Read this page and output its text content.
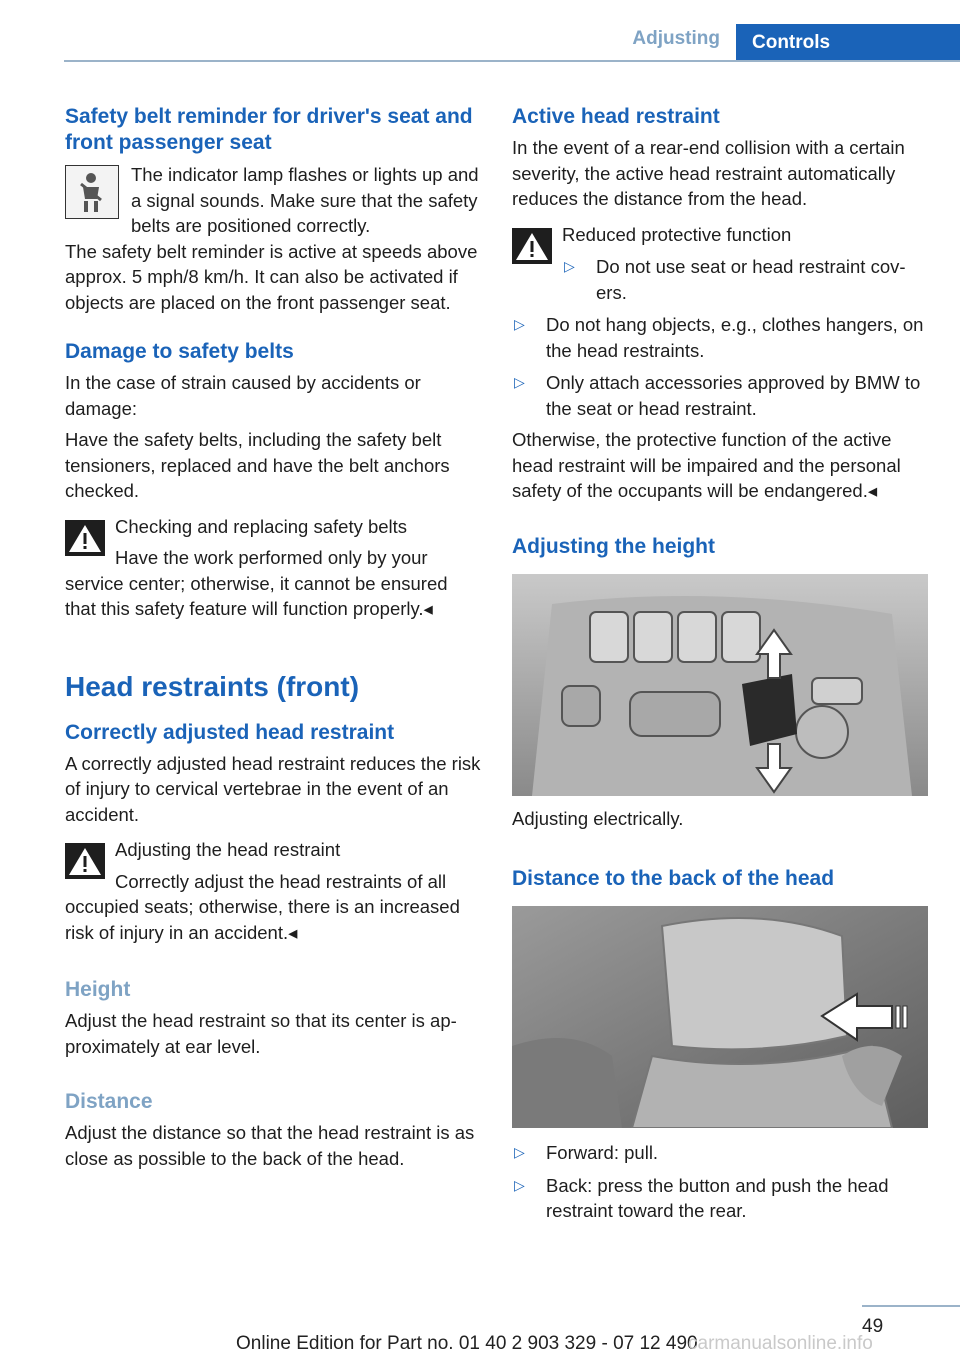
Adjusting	Controls
Safety belt reminder for driver's seat and front passenger seat

The indicator lamp flashes or lights up and a signal sounds. Make sure that the safety belts are positioned correctly.

The safety belt reminder is active at speeds above approx. 5 mph/8 km/h. It can also be activated if objects are placed on the front passenger seat.

Damage to safety belts

In the case of strain caused by accidents or damage:

Have the safety belts, including the safety belt tensioners, replaced and have the belt anchors checked.

Checking and replacing safety belts

Have the work performed only by your service center; otherwise, it cannot be ensured that this safety feature will function properly.◂

Head restraints (front)
Correctly adjusted head restraint

A correctly adjusted head restraint reduces the risk of injury to cervical vertebrae in the event of an accident.

Adjusting the head restraint

Correctly adjust the head restraints of all occupied seats; otherwise, there is an increased risk of injury in an accident.◂

Height

Adjust the head restraint so that its center is approximately at ear level.

Distance

Adjust the distance so that the head restraint is as close as possible to the back of the head.

Active head restraint

In the event of a rear-end collision with a certain severity, the active head restraint automatically reduces the distance from the head.

Reduced protective function

▷ Do not use seat or head restraint covers.
▷ Do not hang objects, e.g., clothes hangers, on the head restraints.
▷ Only attach accessories approved by BMW to the seat or head restraint.

Otherwise, the protective function of the active head restraint will be impaired and the personal safety of the occupants will be endangered.◂

Adjusting the height

Adjusting electrically.

Distance to the back of the head
▷ Forward: pull.
▷ Back: press the button and push the head restraint toward the rear.
49
Online Edition for Part no. 01 40 2 903 329 - 07 12 490
carmanualsonline.info
